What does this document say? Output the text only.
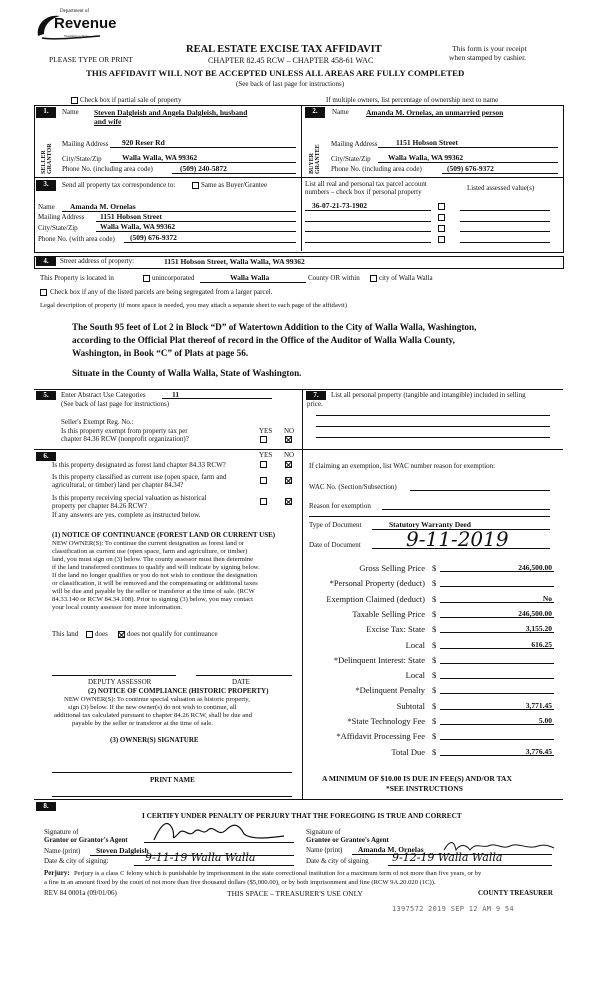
Department of
Revenue
Washington State
PLEASE TYPE OR PRINT
REAL ESTATE EXCISE TAX AFFIDAVIT
CHAPTER 82.45 RCW – CHAPTER 458-61 WAC
This form is your receipt
when stamped by cashier.
THIS AFFIDAVIT WILL NOT BE ACCEPTED UNLESS ALL AREAS ARE FULLY COMPLETED
(See back of last page for instructions)
Check box if partial sale of property	If multiple owners, list percentage of ownership next to name
1.
SELLER GRANTOR
Name Steven Dalgleish and Angela Dalgleish, husband
and wife
Mailing Address 920 Reser Rd
City/State/Zip	Walla Walla, WA 99362
Phone No. (including area code)	(509) 240-5872
2.
BUYER GRANTEE
Name Amanda M. Ornelas, an unmarried person
Mailing Address 1151 Hobson Street
City/State/Zip Walla Walla, WA 99362
Phone No. (including area code)	(509) 676-9372
3.	Send all property tax correspondence to:	Same as Buyer/Grantee
Name Amanda M. Ornelas
Mailing Address 1151 Hobson Street
City/State/Zip	Walla Walla, WA 99362
Phone No. (with area code) (509) 676-9372
List all real and personal tax parcel account
numbers – check box if personal property	Listed assessed value(s)
36-07-21-73-1902
4.	Street address of property:	1151 Hobson Street, Walla Walla, WA 99362
This Property is located in	unincorporated	Walla Walla	County OR within	city of Walla Walla
Check box if any of the listed parcels are being segregated from a larger parcel.
Legal description of property (if more space is needed, you may attach a separate sheet to each page of the affidavit)
The South 95 feet of Lot 2 in Block “D” of Watertown Addition to the City of Walla Walla, Washington,
according to the Official Plat thereof of record in the Office of the Auditor of Walla Walla County,
Washington, in Book “C” of Plats at page 56.
Situate in the County of Walla Walla, State of Washington.
5.	Enter Abstract Use Categories	11
(See back of last page for instructions)
Seller's Exempt Reg. No.:
Is this property exempt from property tax per
chapter 84.36 RCW (nonprofit organization)?
YES NO
6.	YES NO
Is this property designated as forest land chapter 84.33 RCW?
Is this property classified as current use (open space, farm and
agricultural, or timber) land per chapter 84.34?
Is this property receiving special valuation as historical
property per chapter 84.26 RCW?
If any answers are yes, complete as instructed below.
(1) NOTICE OF CONTINUANCE (FOREST LAND OR CURRENT USE)
NEW OWNER(S): To continue the current designation as forest land or
classification as current use (open space, farm and agriculture, or timber)
land, you must sign on (3) below. The county assessor must then determine
if the land transferred continues to qualify and will indicate by signing below.
If the land no longer qualifies or you do not wish to continue the designation
or classification, it will be removed and the compensating or additional taxes
will be due and payable by the seller or transferor at the time of sale. (RCW
84.33.140 or RCW 84.34.108). Prior to signing (3) below, you may contact
your local county assessor for more information.
This land does	does not qualify for continuance
DEPUTY ASSESSOR	DATE
(2) NOTICE OF COMPLIANCE (HISTORIC PROPERTY)
NEW OWNER(S): To continue special valuation as historic property,
sign (3) below. If the new owner(s) do not wish to continue, all
additional tax calculated pursuant to chapter 84.26 RCW, shall be due and
payable by the seller or transferor at the time of sale.
(3) OWNER(S) SIGNATURE
PRINT NAME
7.	List all personal property (tangible and intangible) included in selling
price.
If claiming an exemption, list WAC number reason for exemption:
WAC No. (Section/Subsection)
Reason for exemption
Type of Document	Statutory Warranty Deed
Date of Document 9-11-2019
Gross Selling Price $	246,500.00
*Personal Property (deduct) $
Exemption Claimed (deduct) $	No
Taxable Selling Price $	246,500.00
Excise Tax: State $	3,155.20
Local $	616.25
*Delinquent Interest: State $
Local $
*Delinquent Penalty $
Subtotal $	3,771.45
*State Technology Fee $	5.00
*Affidavit Processing Fee $
Total Due $	3,776.45
A MINIMUM OF $10.00 IS DUE IN FEE(S) AND/OR TAX
*SEE INSTRUCTIONS
8.
I CERTIFY UNDER PENALTY OF PERJURY THAT THE FOREGOING IS TRUE AND CORRECT
Signature of
Grantor or Grantor's Agent
Name (print) Steven Dalgleish
Date & city of signing:	9-11-19 Walla Walla
Signature of
Grantee or Grantee's Agent
Name (print) Amanda M. Ornelas
Date & city of signing 9-12-19 Walla Walla
Perjury: Perjury is a class C felony which is punishable by imprisonment in the state correctional institution for a maximum term of not more than five years, or by
a fine in an amount fixed by the court of not more than five thousand dollars ($5,000.00), or by both imprisonment and fine (RCW 9A.20.020 (1C)).
REV 84 0001a (09/01/06)	THIS SPACE – TREASURER'S USE ONLY	COUNTY TREASURER
1397572 2019 SEP 12 AM 9 54
